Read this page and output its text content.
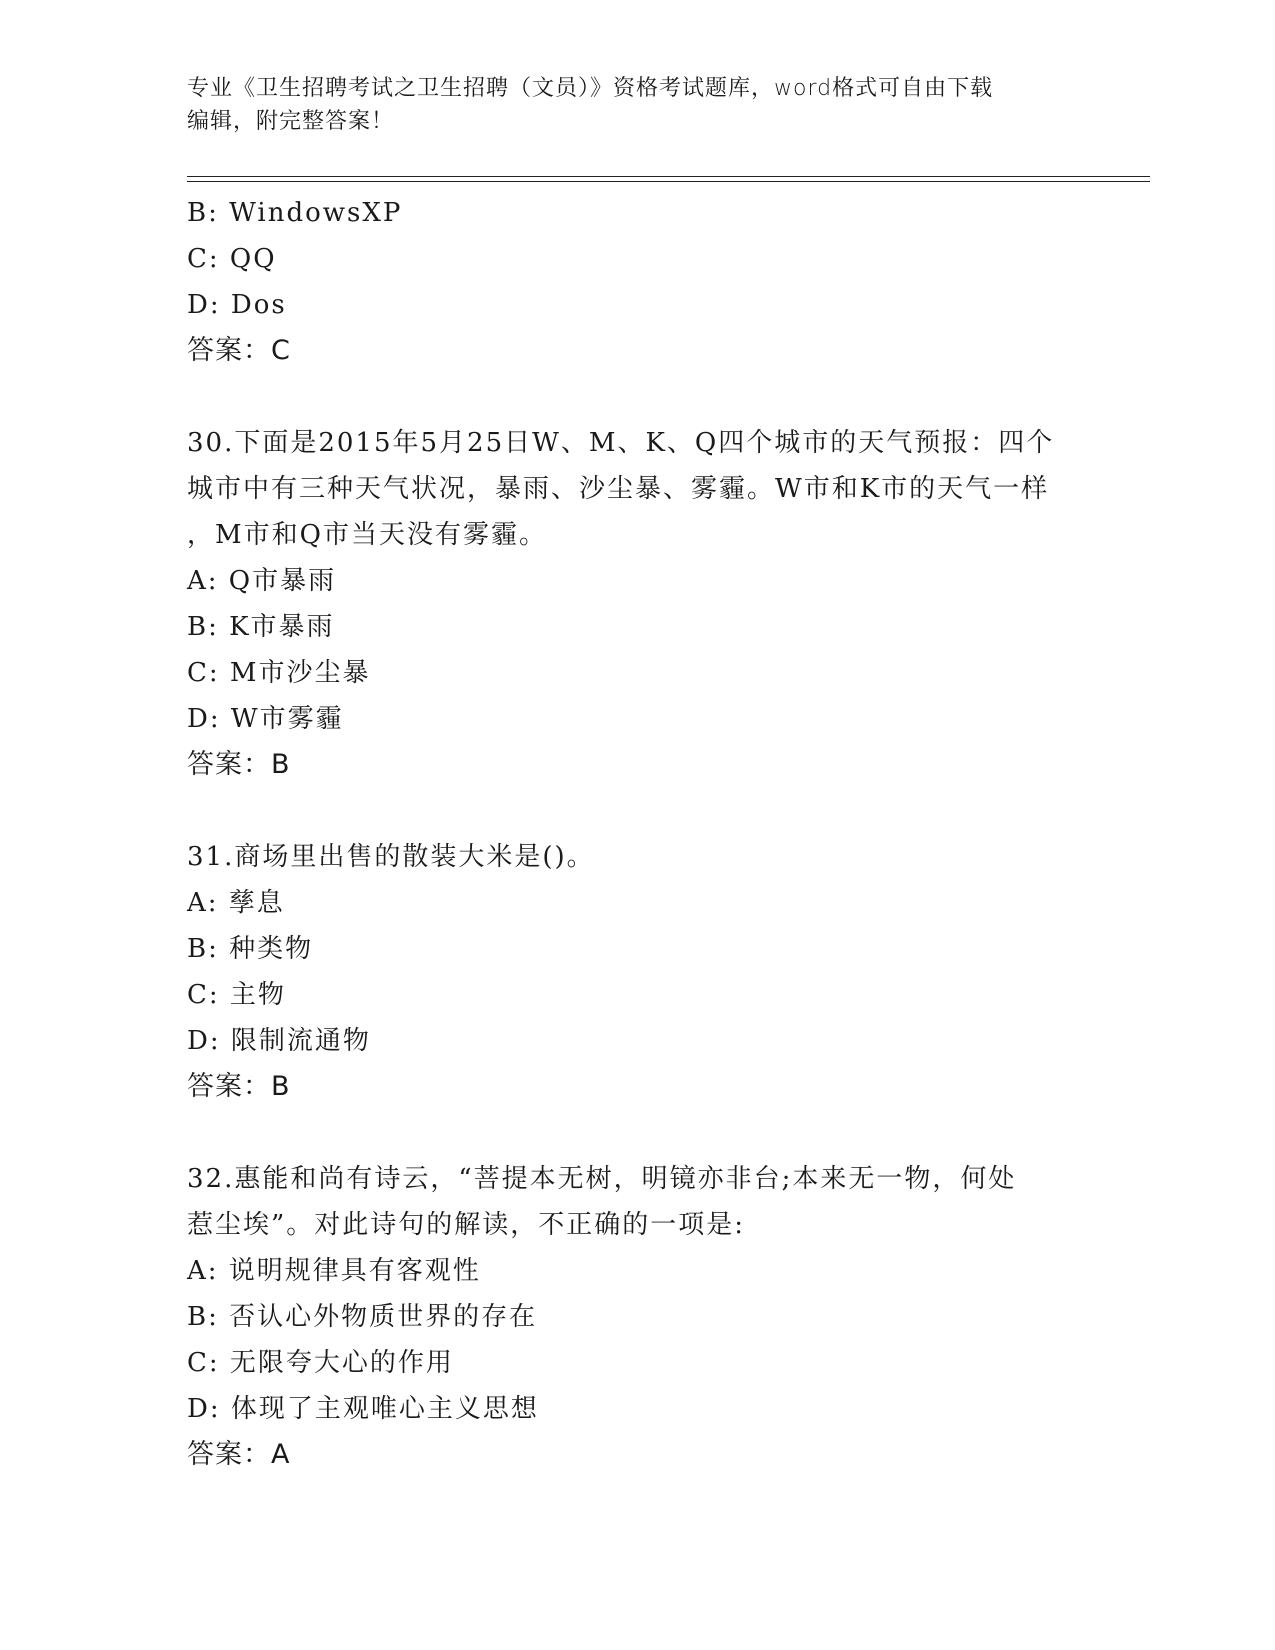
专业《卫生招聘考试之卫生招聘（文员）》资格考试题库，word格式可自由下载
编辑，附完整答案！
B: WindowsXP
C: QQ
D: Dos
答案：C
30.下面是2015年5月25日W、M、K、Q四个城市的天气预报：四个
城市中有三种天气状况，暴雨、沙尘暴、雾霾。W市和K市的天气一样
，M市和Q市当天没有雾霾。
A: Q市暴雨
B: K市暴雨
C: M市沙尘暴
D: W市雾霾
答案：B
31.商场里出售的散装大米是()。
A: 孳息
B: 种类物
C: 主物
D: 限制流通物
答案：B
32.惠能和尚有诗云，“菩提本无树，明镜亦非台;本来无一物，何处
惹尘埃”。对此诗句的解读，不正确的一项是:
A: 说明规律具有客观性
B: 否认心外物质世界的存在
C: 无限夸大心的作用
D: 体现了主观唯心主义思想
答案：A
